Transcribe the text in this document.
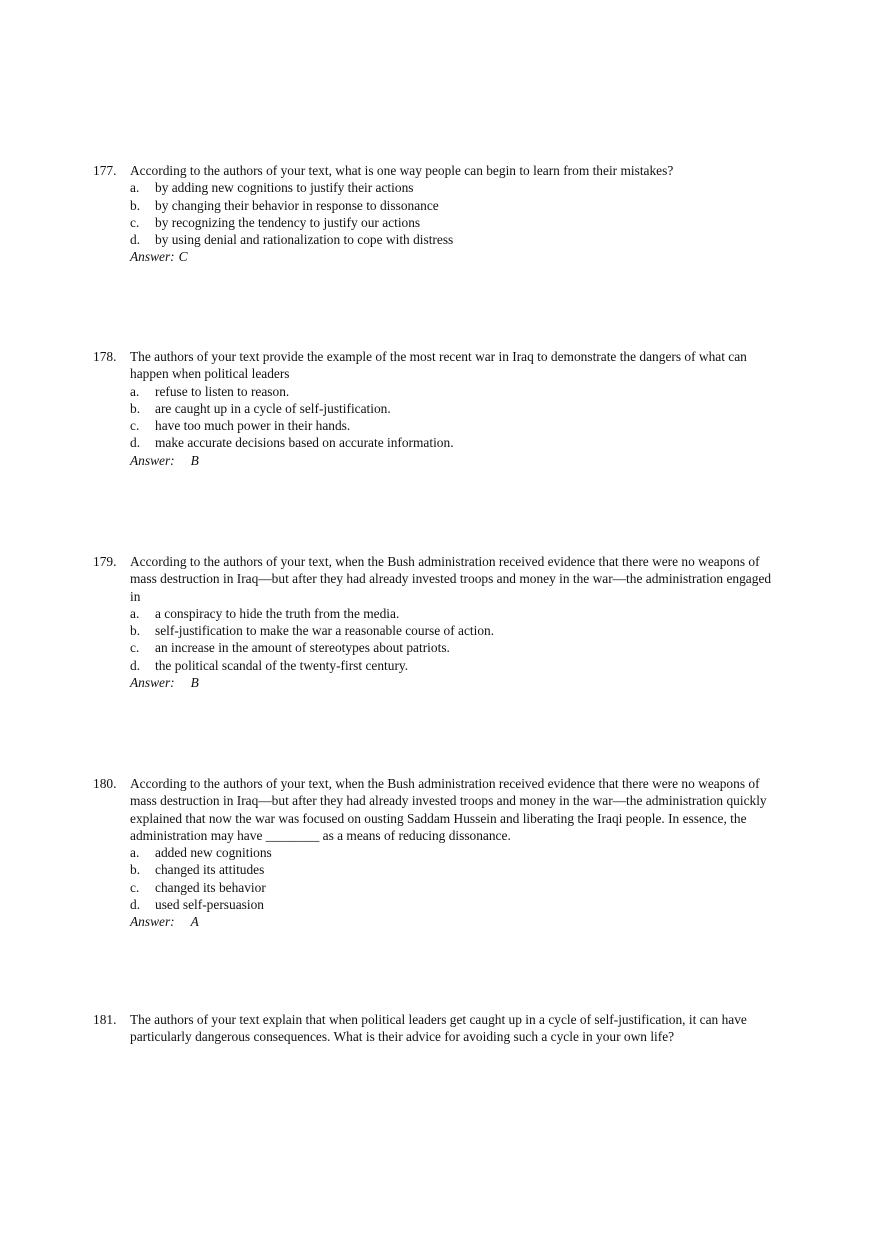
177. According to the authors of your text, what is one way people can begin to learn from their mistakes?
a. by adding new cognitions to justify their actions
b. by changing their behavior in response to dissonance
c. by recognizing the tendency to justify our actions
d. by using denial and rationalization to cope with distress
Answer: C
178. The authors of your text provide the example of the most recent war in Iraq to demonstrate the dangers of what can happen when political leaders
a. refuse to listen to reason.
b. are caught up in a cycle of self-justification.
c. have too much power in their hands.
d. make accurate decisions based on accurate information.
Answer: B
179. According to the authors of your text, when the Bush administration received evidence that there were no weapons of mass destruction in Iraq—but after they had already invested troops and money in the war—the administration engaged in
a. a conspiracy to hide the truth from the media.
b. self-justification to make the war a reasonable course of action.
c. an increase in the amount of stereotypes about patriots.
d. the political scandal of the twenty-first century.
Answer: B
180. According to the authors of your text, when the Bush administration received evidence that there were no weapons of mass destruction in Iraq—but after they had already invested troops and money in the war—the administration quickly explained that now the war was focused on ousting Saddam Hussein and liberating the Iraqi people. In essence, the administration may have ________ as a means of reducing dissonance.
a. added new cognitions
b. changed its attitudes
c. changed its behavior
d. used self-persuasion
Answer: A
181. The authors of your text explain that when political leaders get caught up in a cycle of self-justification, it can have particularly dangerous consequences. What is their advice for avoiding such a cycle in your own life?
